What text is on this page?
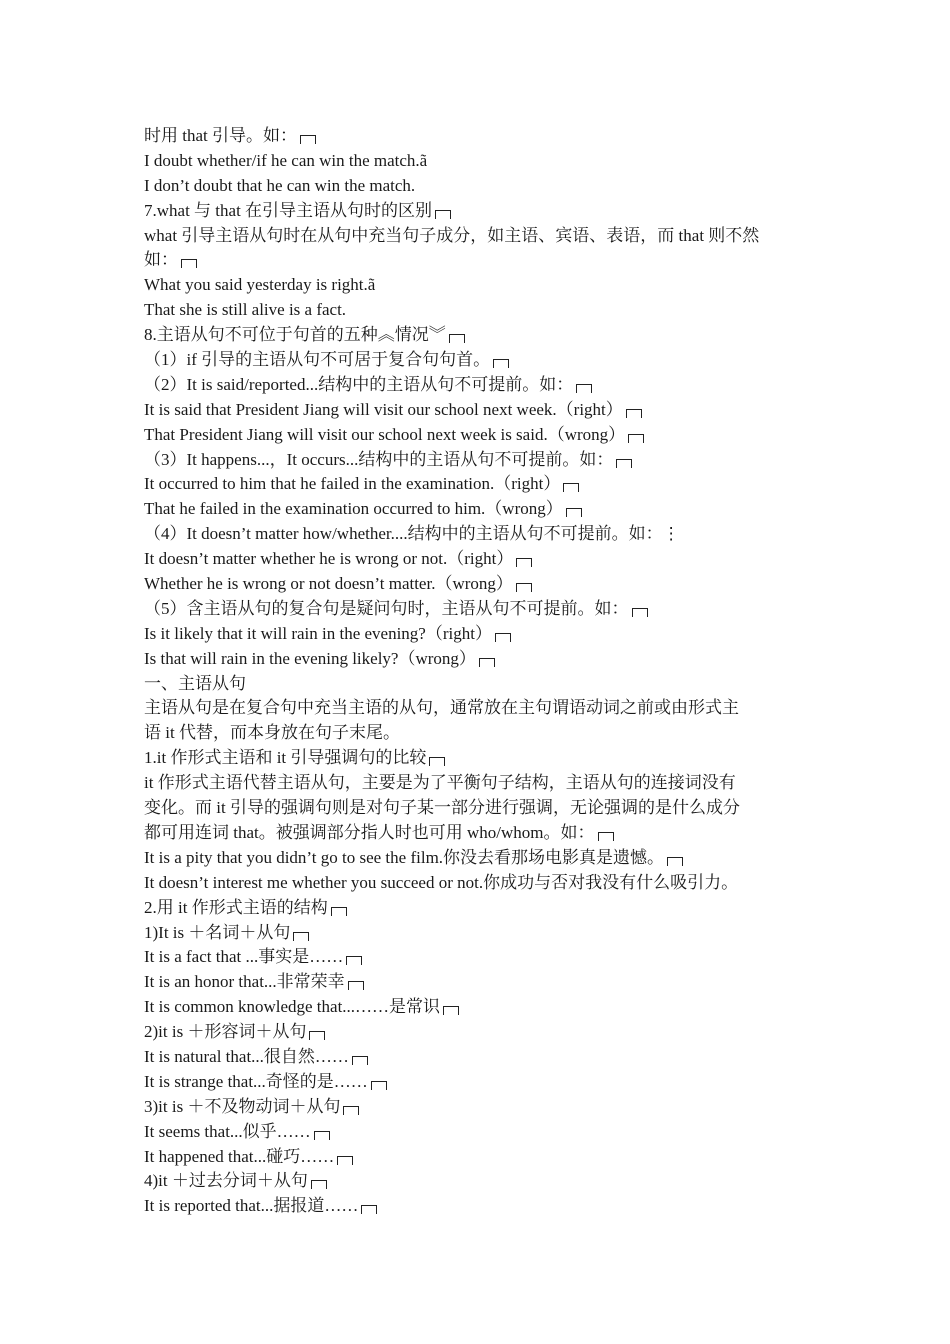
时用 that 引导。如：
I doubt whether/if he can win the match.ã
I don’t doubt that he can win the match.
7.what 与 that 在引导主语从句时的区别
what 引导主语从句时在从句中充当句子成分，如主语、宾语、表语，而 that 则不然
如：
What you said yesterday is right.ã
That she is still alive is a fact.
8.主语从句不可位于句首的五种︽情况︾
（1）if 引导的主语从句不可居于复合句句首。
（2）It is said/reported...结构中的主语从句不可提前。如：
It is said that President Jiang will visit our school next week.（right）
That President Jiang will visit our school next week is said.（wrong）
（3）It happens...，It occurs...结构中的主语从句不可提前。如：
It occurred to him that he failed in the examination.（right）
That he failed in the examination occurred to him.（wrong）
（4）It doesn’t matter how/whether....结构中的主语从句不可提前。如：⋮
It doesn’t matter whether he is wrong or not.（right）
Whether he is wrong or not doesn’t matter.（wrong）
（5）含主语从句的复合句是疑问句时，主语从句不可提前。如：
Is it likely that it will rain in the evening?（right）
Is that will rain in the evening likely?（wrong）
一、主语从句
主语从句是在复合句中充当主语的从句，通常放在主句谓语动词之前或由形式主
语 it 代替，而本身放在句子末尾。
1.it 作形式主语和 it 引导强调句的比较
it 作形式主语代替主语从句，主要是为了平衡句子结构，主语从句的连接词没有
变化。而 it 引导的强调句则是对句子某一部分进行强调，无论强调的是什么成分
都可用连词 that。被强调部分指人时也可用 who/whom。如：
It is a pity that you didn’t go to see the film.你没去看那场电影真是遗憾。
It doesn’t interest me whether you succeed or not.你成功与否对我没有什么吸引力。
2.用 it 作形式主语的结构
1)It is ＋名词＋从句
It is a fact that ...事实是……
It is an honor that...非常荣幸
It is common knowledge that...……是常识
2)it is ＋形容词＋从句
It is natural that...很自然……
It is strange that...奇怪的是……
3)it is ＋不及物动词＋从句
It seems that...似乎……
It happened that...碰巧……
4)it ＋过去分词＋从句
It is reported that...据报道……
